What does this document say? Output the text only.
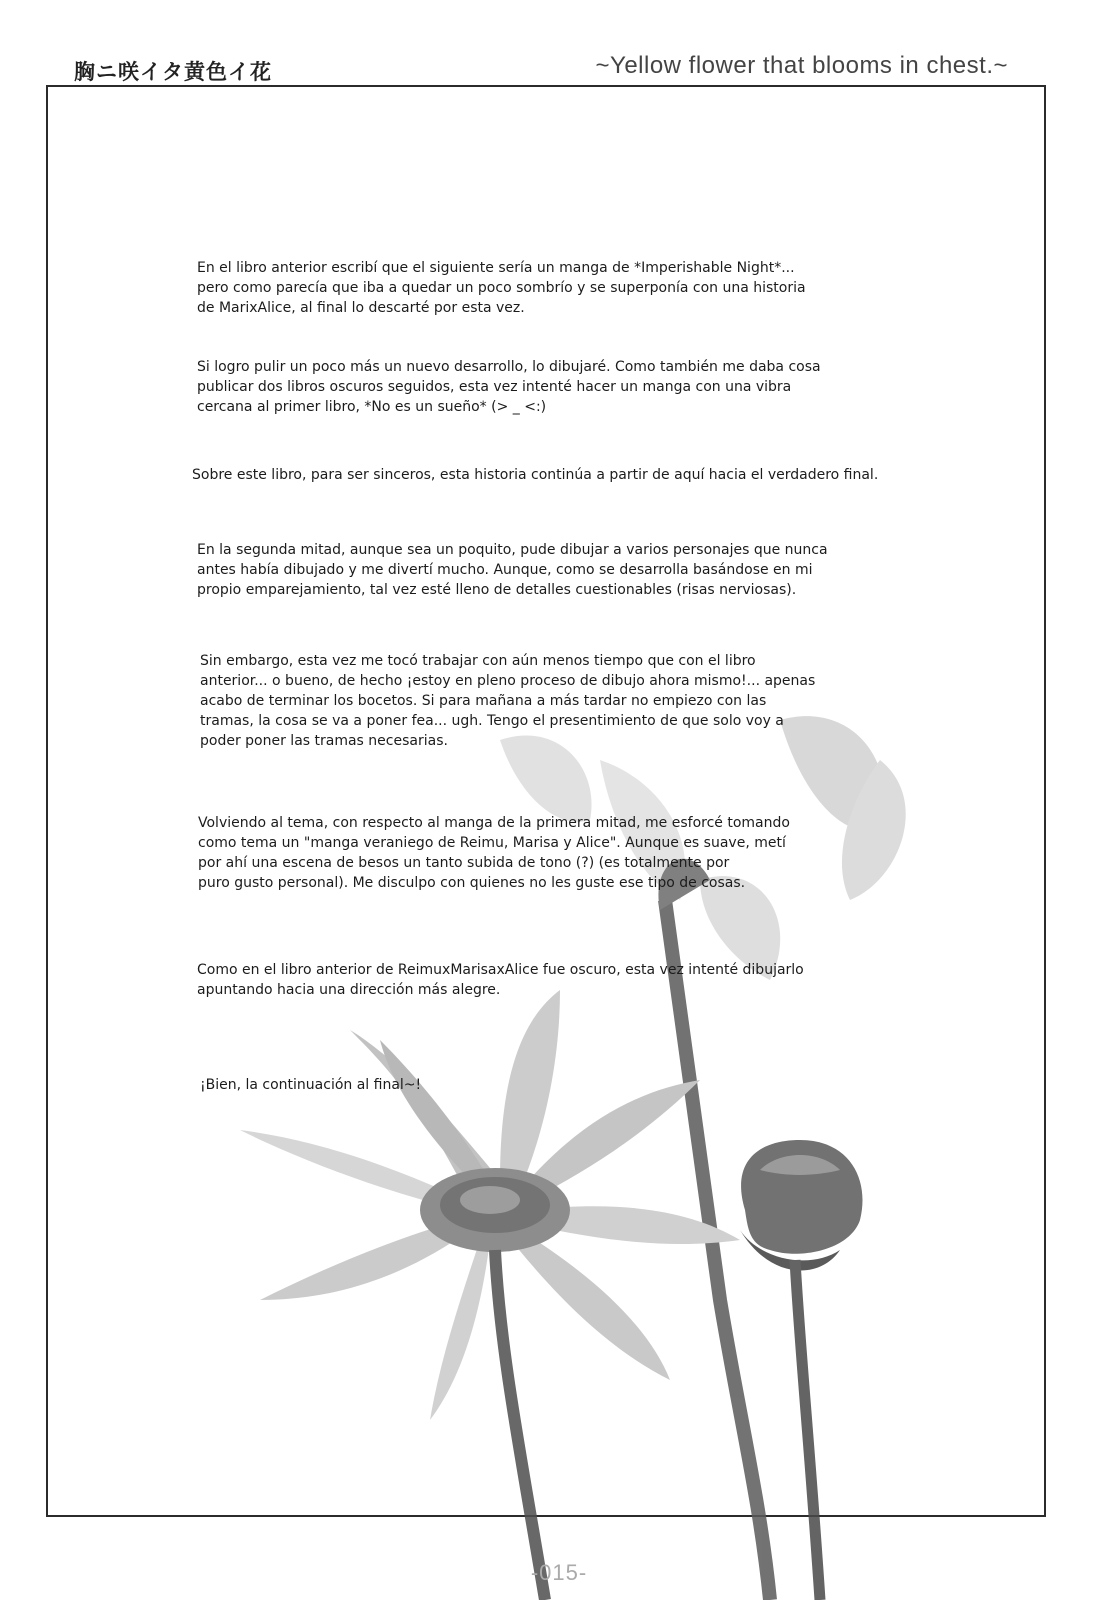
胸ニ咲イタ黄色イ花	~Yellow flower that blooms in chest.~

En el libro anterior escribí que el siguiente sería un manga de *Imperishable Night*...
pero como parecía que iba a quedar un poco sombrío y se superponía con una historia
de MarixAlice, al final lo descarté por esta vez.

Si logro pulir un poco más un nuevo desarrollo, lo dibujaré. Como también me daba cosa
publicar dos libros oscuros seguidos, esta vez intenté hacer un manga con una vibra
cercana al primer libro, *No es un sueño* (> _ <:)

Sobre este libro, para ser sinceros, esta historia continúa a partir de aquí hacia el verdadero final.

En la segunda mitad, aunque sea un poquito, pude dibujar a varios personajes que nunca
antes había dibujado y me divertí mucho. Aunque, como se desarrolla basándose en mi
propio emparejamiento, tal vez esté lleno de detalles cuestionables (risas nerviosas).

Sin embargo, esta vez me tocó trabajar con aún menos tiempo que con el libro
anterior... o bueno, de hecho ¡estoy en pleno proceso de dibujo ahora mismo!... apenas
acabo de terminar los bocetos. Si para mañana a más tardar no empiezo con las
tramas, la cosa se va a poner fea... ugh. Tengo el presentimiento de que solo voy a
poder poner las tramas necesarias.

Volviendo al tema, con respecto al manga de la primera mitad, me esforcé tomando
como tema un "manga veraniego de Reimu, Marisa y Alice". Aunque es suave, metí
por ahí una escena de besos un tanto subida de tono (?) (es totalmente por
puro gusto personal). Me disculpo con quienes no les guste ese tipo de cosas.

Como en el libro anterior de ReimuxMarisaxAlice fue oscuro, esta vez intenté dibujarlo
apuntando hacia una dirección más alegre.

¡Bien, la continuación al final~!

-015-
